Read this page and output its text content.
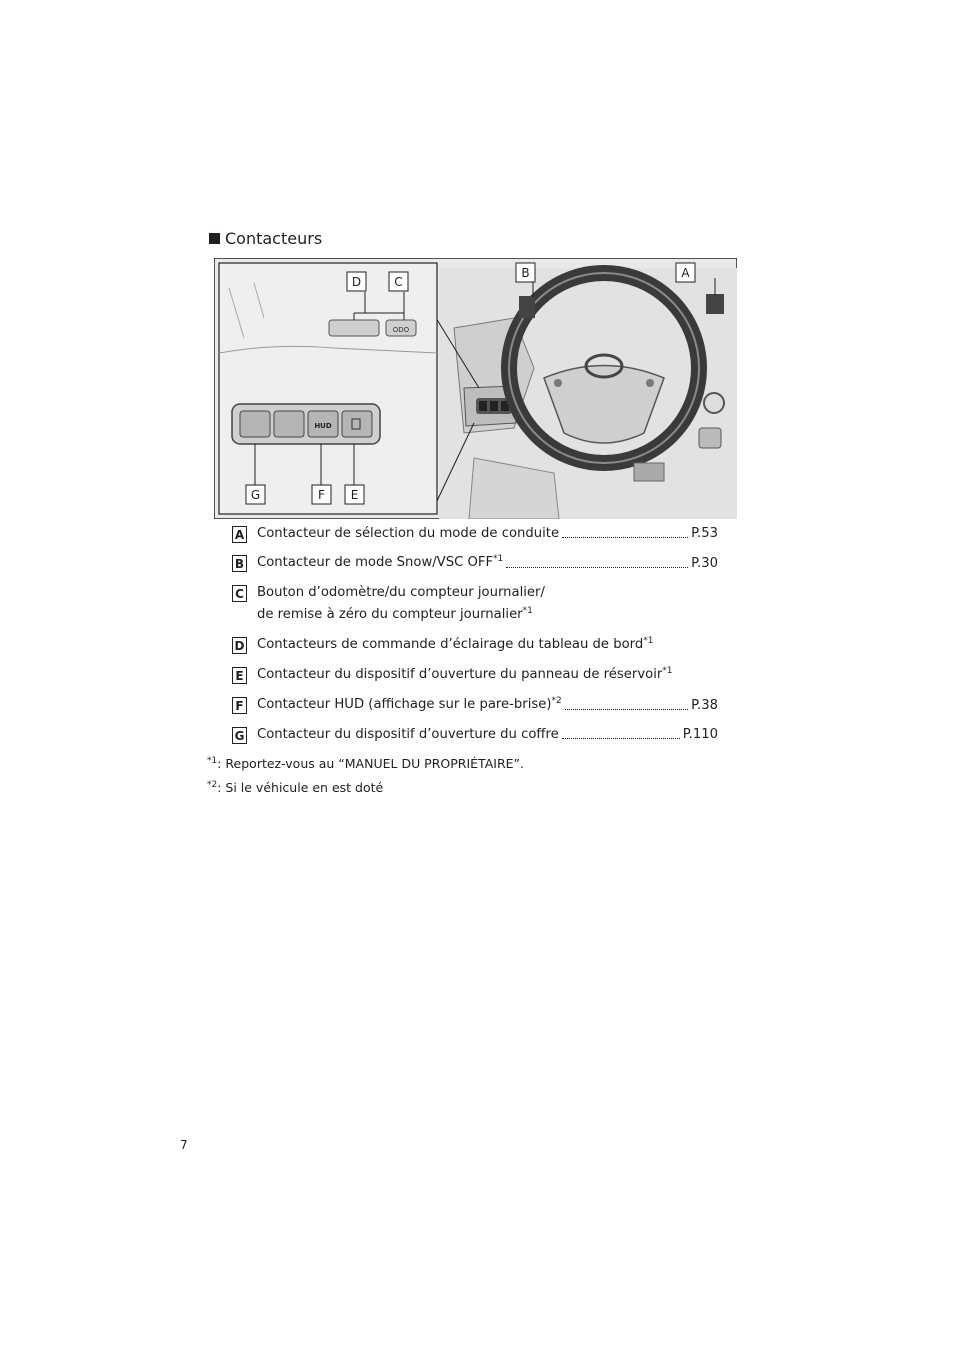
Contacteurs
ODO
HUD
B	A
D	C
G	F E
A Contacteur de sélection du mode de conduite	P.53
B Contacteur de mode Snow/VSC OFF$^{*1}$	P.30
C Bouton d’odomètre/du compteur journalier/
de remise à zéro du compteur journalier$^{*1}$
D Contacteurs de commande d’éclairage du tableau de bord$^{*1}$
E Contacteur du dispositif d’ouverture du panneau de réservoir$^{*1}$
F Contacteur HUD (affichage sur le pare-brise)$^{*2}$	P.38
G Contacteur du dispositif d’ouverture du coffre	P.110
$^{*1}$: Reportez-vous au “MANUEL DU PROPRIÉTAIRE”.
$^{*2}$: Si le véhicule en est doté
7
